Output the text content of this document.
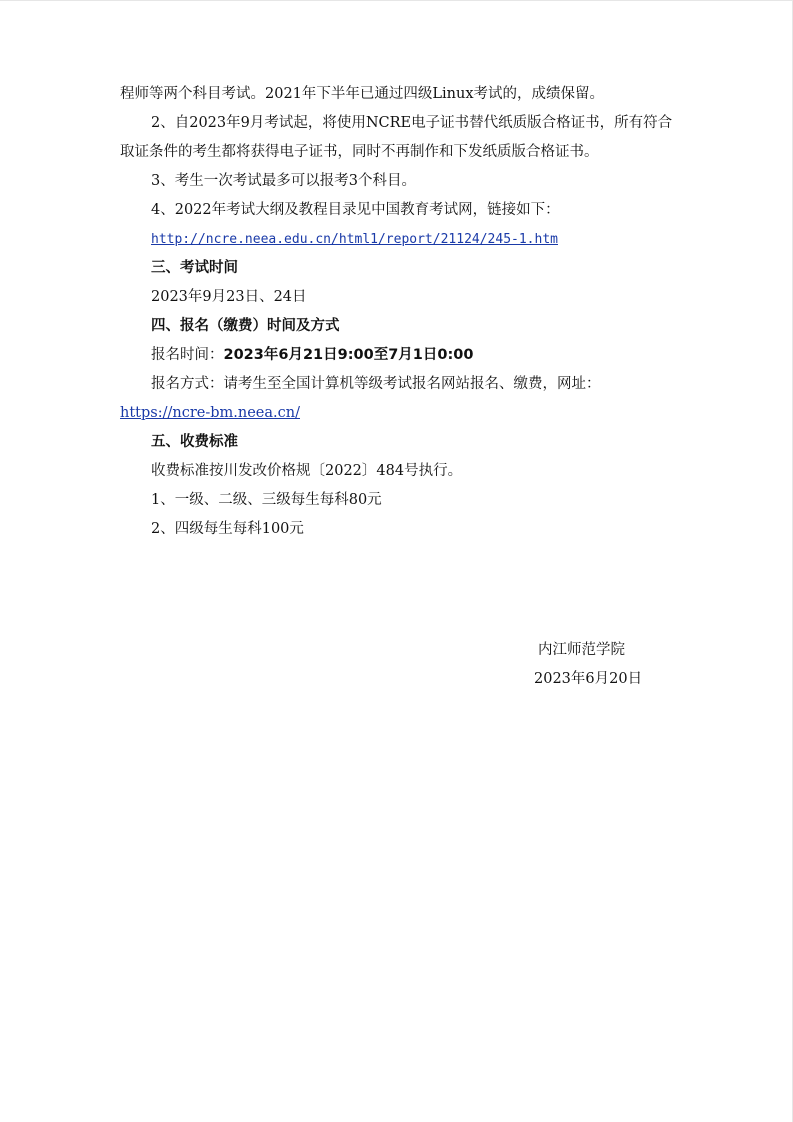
程师等两个科目考试。2021年下半年已通过四级Linux考试的，成绩保留。
2、自2023年9月考试起，将使用NCRE电子证书替代纸质版合格证书，所有符合取证条件的考生都将获得电子证书，同时不再制作和下发纸质版合格证书。
3、考生一次考试最多可以报考3个科目。
4、2022年考试大纲及教程目录见中国教育考试网，链接如下：
http://ncre.neea.edu.cn/html1/report/21124/245-1.htm
三、考试时间
2023年9月23日、24日
四、报名（缴费）时间及方式
报名时间：2023年6月21日9:00至7月1日0:00
报名方式：请考生至全国计算机等级考试报名网站报名、缴费，网址：
https://ncre-bm.neea.cn/
五、收费标准
收费标准按川发改价格规〔2022〕484号执行。
1、一级、二级、三级每生每科80元
2、四级每生每科100元
内江师范学院
2023年6月20日
